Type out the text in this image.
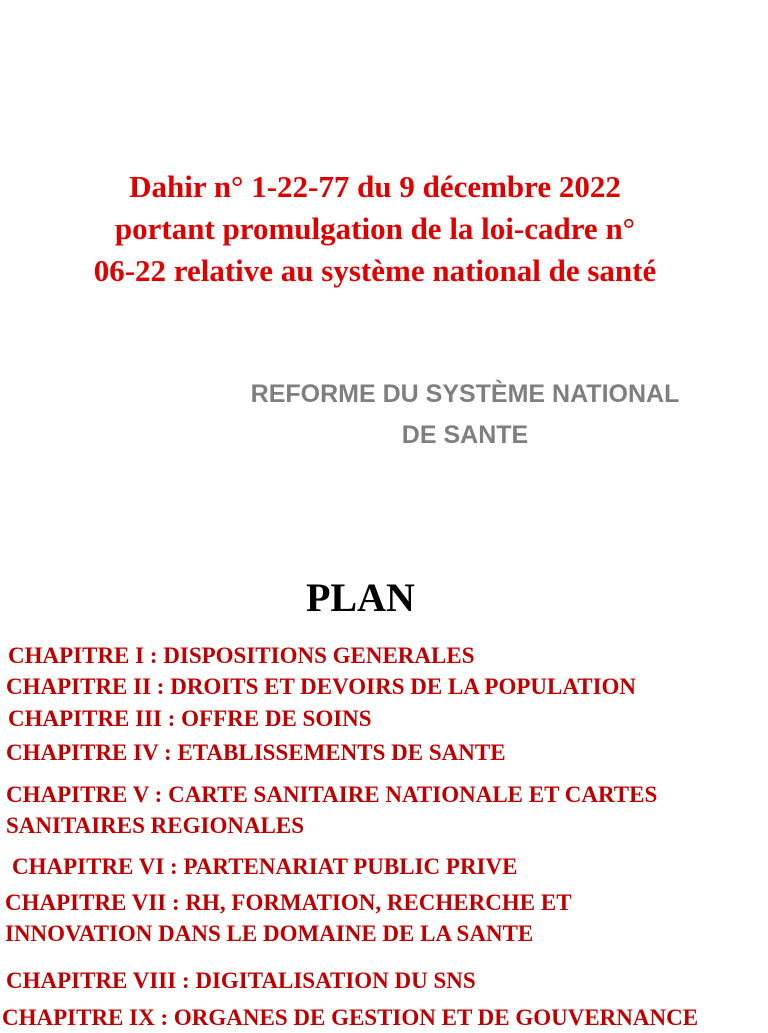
Dahir n° 1-22-77 du 9 décembre 2022
portant promulgation de la loi-cadre n°
06-22 relative au système national de santé
REFORME DU SYSTÈME NATIONAL
DE SANTE
PLAN
CHAPITRE I : DISPOSITIONS GENERALES
CHAPITRE II : DROITS ET DEVOIRS DE LA POPULATION
CHAPITRE III : OFFRE DE SOINS
CHAPITRE IV : ETABLISSEMENTS DE SANTE
CHAPITRE V : CARTE SANITAIRE NATIONALE ET CARTES
SANITAIRES REGIONALES
CHAPITRE VI : PARTENARIAT PUBLIC PRIVE
CHAPITRE VII : RH, FORMATION, RECHERCHE ET
INNOVATION DANS LE DOMAINE DE LA SANTE
CHAPITRE VIII : DIGITALISATION DU SNS
CHAPITRE IX : ORGANES DE GESTION ET DE GOUVERNANCE
